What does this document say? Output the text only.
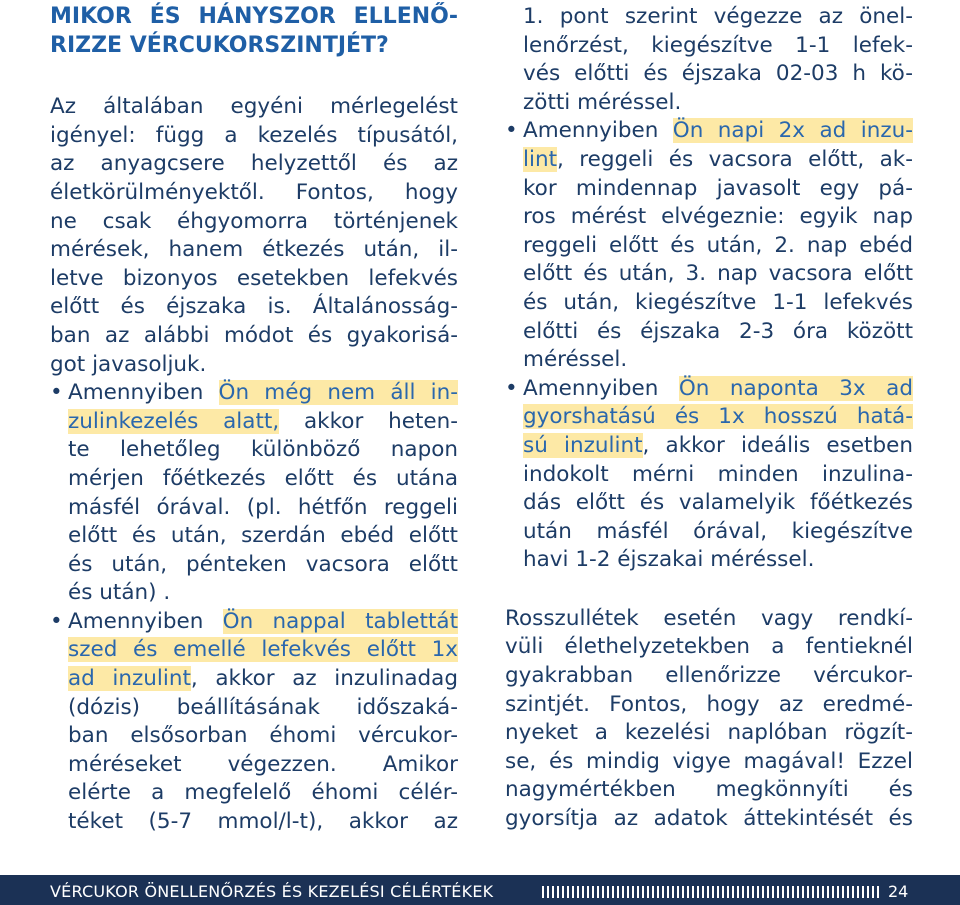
MIKOR ÉS HÁNYSZOR ELLENŐ-
RIZZE VÉRCUKORSZINTJÉT?
Az általában egyéni mérlegelést
igényel: függ a kezelés típusától,
az anyagcsere helyzettől és az
életkörülményektől. Fontos, hogy
ne csak éhgyomorra történjenek
mérések, hanem étkezés után, il-
letve bizonyos esetekben lefekvés
előtt és éjszaka is. Általánosság-
ban az alábbi módot és gyakorisá-
got javasoljuk.
• Amennyiben Ön még nem áll in-
zulinkezelés alatt, akkor heten-
te lehetőleg különböző napon
mérjen főétkezés előtt és utána
másfél órával. (pl. hétfőn reggeli
előtt és után, szerdán ebéd előtt
és után, pénteken vacsora előtt
és után) .
• Amennyiben Ön nappal tablettát
szed és emellé lefekvés előtt 1x
ad inzulint, akkor az inzulinadag
(dózis) beállításának időszaká-
ban elsősorban éhomi vércukor-
méréseket végezzen. Amikor
elérte a megfelelő éhomi célér-
téket (5-7 mmol/l-t), akkor az
1. pont szerint végezze az önel-
lenőrzést, kiegészítve 1-1 lefek-
vés előtti és éjszaka 02-03 h kö-
zötti méréssel.
• Amennyiben Ön napi 2x ad inzu-
lint, reggeli és vacsora előtt, ak-
kor mindennap javasolt egy pá-
ros mérést elvégeznie: egyik nap
reggeli előtt és után, 2. nap ebéd
előtt és után, 3. nap vacsora előtt
és után, kiegészítve 1-1 lefekvés
előtti és éjszaka 2-3 óra között
méréssel.
• Amennyiben Ön naponta 3x ad
gyorshatású és 1x hosszú hatá-
sú inzulint, akkor ideális esetben
indokolt mérni minden inzulina-
dás előtt és valamelyik főétkezés
után másfél órával, kiegészítve
havi 1-2 éjszakai méréssel.
Rosszullétek esetén vagy rendkí-
vüli élethelyzetekben a fentieknél
gyakrabban ellenőrizze vércukor-
szintjét. Fontos, hogy az eredmé-
nyeket a kezelési naplóban rögzít-
se, és mindig vigye magával! Ezzel
nagymértékben megkönnyíti és
gyorsítja az adatok áttekintését és
VÉRCUKOR ÖNELLENŐRZÉS ÉS KEZELÉSI CÉLÉRTÉKEK	24
